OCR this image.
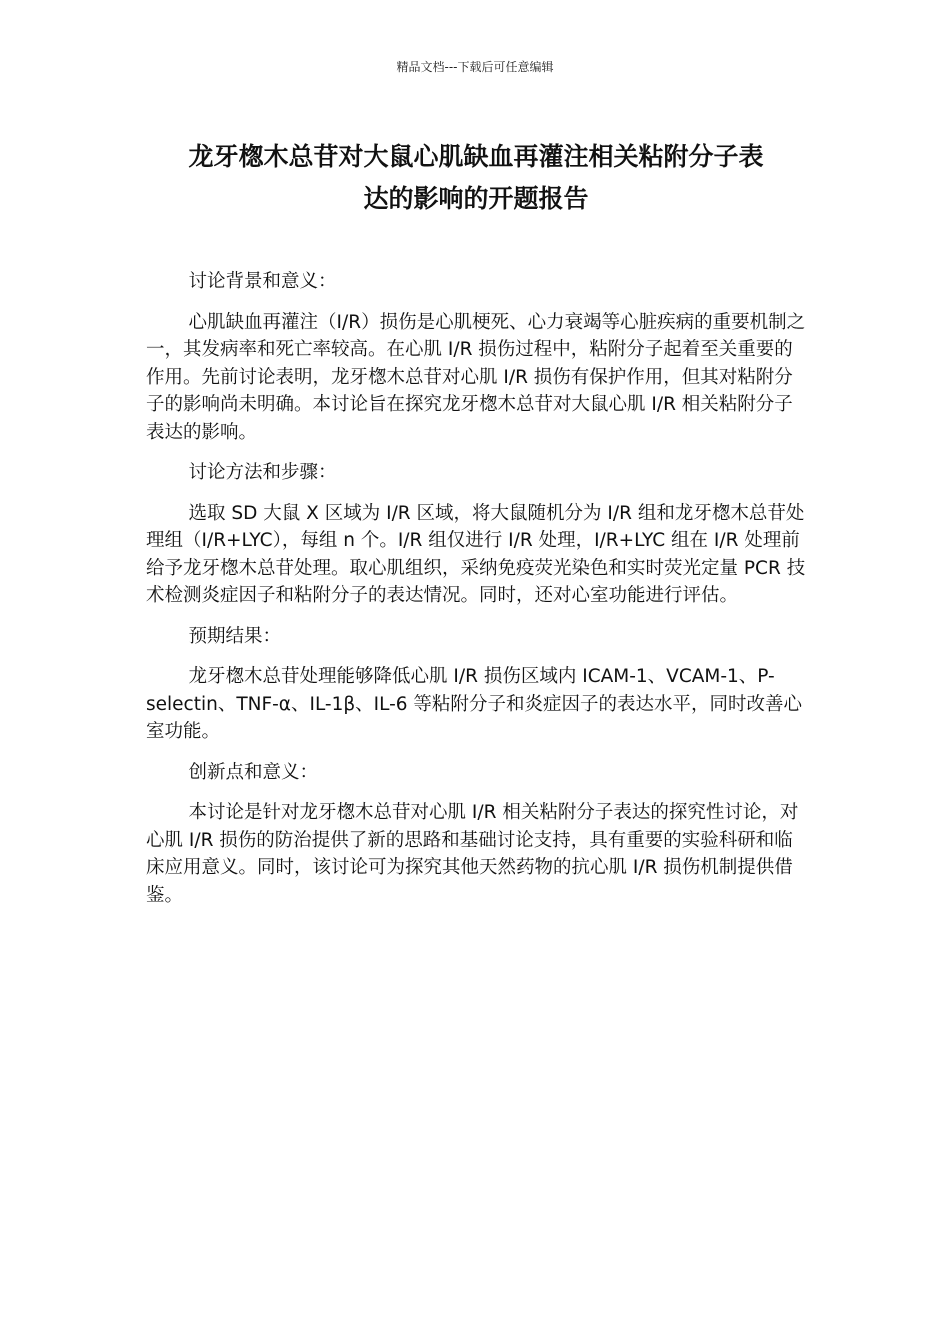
精品文档---下载后可任意编辑
龙牙楤木总苷对大鼠心肌缺血再灌注相关粘附分子表
达的影响的开题报告

讨论背景和意义：

心肌缺血再灌注（I/R）损伤是心肌梗死、心力衰竭等心脏疾病的重要机制之一，其发病率和死亡率较高。在心肌 I/R 损伤过程中，粘附分子起着至关重要的作用。先前讨论表明，龙牙楤木总苷对心肌 I/R 损伤有保护作用，但其对粘附分子的影响尚未明确。本讨论旨在探究龙牙楤木总苷对大鼠心肌 I/R 相关粘附分子表达的影响。

讨论方法和步骤：

选取 SD 大鼠 X 区域为 I/R 区域，将大鼠随机分为 I/R 组和龙牙楤木总苷处理组（I/R+LYC），每组 n 个。I/R 组仅进行 I/R 处理，I/R+LYC 组在 I/R 处理前给予龙牙楤木总苷处理。取心肌组织，采纳免疫荧光染色和实时荧光定量 PCR 技术检测炎症因子和粘附分子的表达情况。同时，还对心室功能进行评估。

预期结果：

龙牙楤木总苷处理能够降低心肌 I/R 损伤区域内 ICAM-1、VCAM-1、P-selectin、TNF-α、IL-1β、IL-6 等粘附分子和炎症因子的表达水平，同时改善心室功能。

创新点和意义：

本讨论是针对龙牙楤木总苷对心肌 I/R 相关粘附分子表达的探究性讨论，对心肌 I/R 损伤的防治提供了新的思路和基础讨论支持，具有重要的实验科研和临床应用意义。同时，该讨论可为探究其他天然药物的抗心肌 I/R 损伤机制提供借鉴。
